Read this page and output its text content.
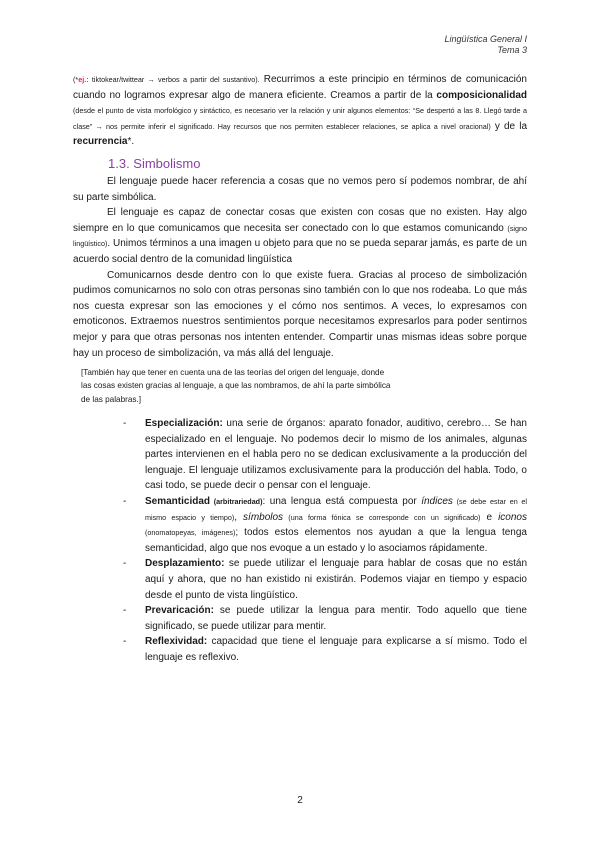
Lingüística General I
Tema 3

(*ej.: tiktokear/twittear → verbos a partir del sustantivo). Recurrimos a este principio en términos de comunicación cuando no logramos expresar algo de manera eficiente. Creamos a partir de la composicionalidad (desde el punto de vista morfológico y sintáctico, es necesario ver la relación y unir algunos elementos: “Se despertó a las 8. Llegó tarde a clase” → nos permite inferir el significado. Hay recursos que nos permiten establecer relaciones, se aplica a nivel oracional) y de la recurrencia*.

1.3. Simbolismo

El lenguaje puede hacer referencia a cosas que no vemos pero sí podemos nombrar, de ahí su parte simbólica.

El lenguaje es capaz de conectar cosas que existen con cosas que no existen. Hay algo siempre en lo que comunicamos que necesita ser conectado con lo que estamos comunicando (signo lingüístico). Unimos términos a una imagen u objeto para que no se pueda separar jamás, es parte de un acuerdo social dentro de la comunidad lingüística

Comunicarnos desde dentro con lo que existe fuera. Gracias al proceso de simbolización pudimos comunicarnos no solo con otras personas sino también con lo que nos rodeaba. Lo que más nos cuesta expresar son las emociones y el cómo nos sentimos. A veces, lo expresamos con emoticonos. Extraemos nuestros sentimientos porque necesitamos expresarlos para poder sentirnos mejor y para que otras personas nos intenten entender. Compartir unas mismas ideas sobre porque hay un proceso de simbolización, va más allá del lenguaje.

[También hay que tener en cuenta una de las teorías del origen del lenguaje, donde
las cosas existen gracias al lenguaje, a que las nombramos, de ahí la parte simbólica
de las palabras.]
- Especialización: una serie de órganos: aparato fonador, auditivo, cerebro… Se han especializado en el lenguaje. No podemos decir lo mismo de los animales, algunas partes intervienen en el habla pero no se dedican exclusivamente a la producción del lenguaje. El lenguaje utilizamos exclusivamente para la producción del habla. Todo, o casi todo, se puede decir o pensar con el lenguaje.
- Semanticidad (arbitrariedad): una lengua está compuesta por índices (se debe estar en el mismo espacio y tiempo), símbolos (una forma fónica se corresponde con un significado) e iconos (onomatopeyas, imágenes); todos estos elementos nos ayudan a que la lengua tenga semanticidad, algo que nos evoque a un estado y lo asociamos rápidamente.
- Desplazamiento: se puede utilizar el lenguaje para hablar de cosas que no están aquí y ahora, que no han existido ni existirán. Podemos viajar en tiempo y espacio desde el punto de vista lingüístico.
- Prevaricación: se puede utilizar la lengua para mentir. Todo aquello que tiene significado, se puede utilizar para mentir.
- Reflexividad: capacidad que tiene el lenguaje para explicarse a sí mismo. Todo el lenguaje es reflexivo.
2
